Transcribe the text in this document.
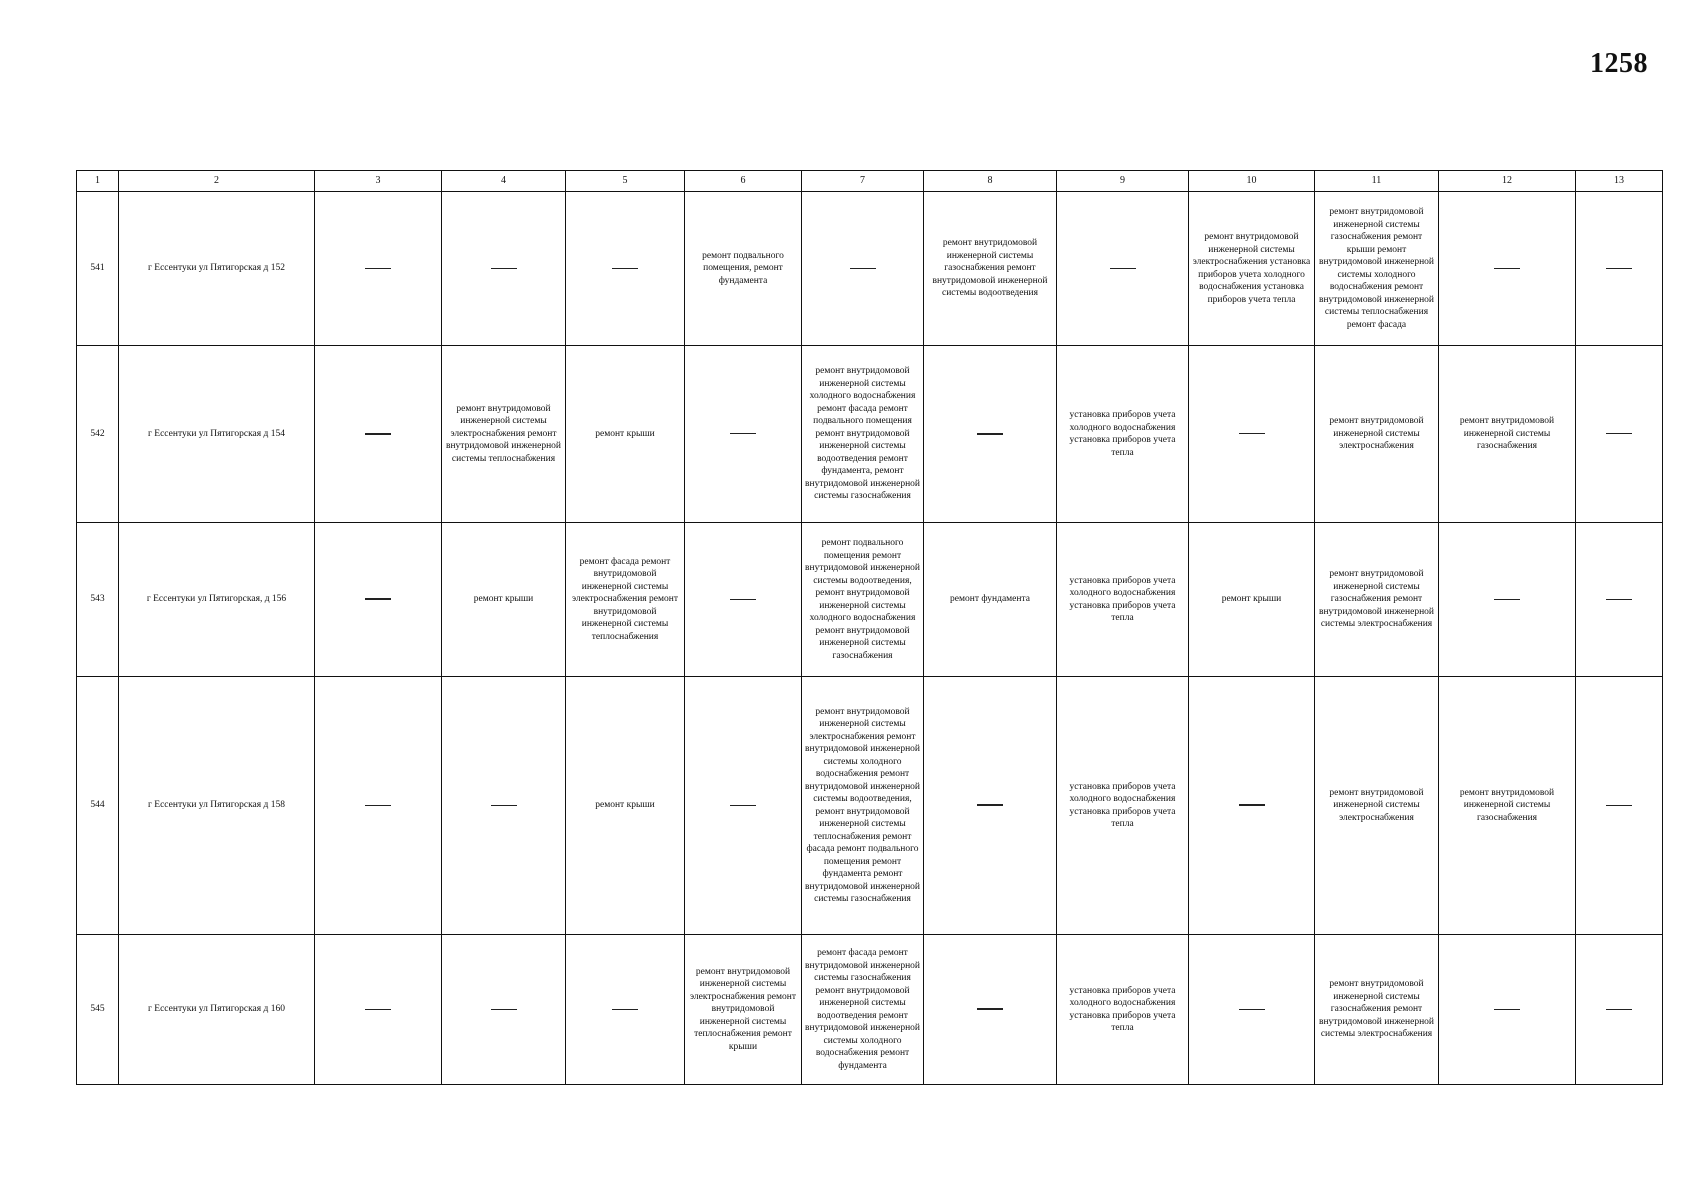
1258
1	2	3	4	5	6	7	8	9	10	11	12	13
541	г Ессентуки ул Пятигорская д 152				ремонт подвального помещения, ремонт фундамента		ремонт внутридомовой инженерной системы газоснабжения ремонт внутридомовой инженерной системы водоотведения		ремонт внутридомовой инженерной системы электроснабжения установка приборов учета холодного водоснабжения установка приборов учета тепла	ремонт внутридомовой инженерной системы газоснабжения ремонт крыши ремонт внутридомовой инженерной системы холодного водоснабжения ремонт внутридомовой инженерной системы теплоснабжения ремонт фасада		
542	г Ессентуки ул Пятигорская д 154		ремонт внутридомовой инженерной системы электроснабжения ремонт внутридомовой инженерной системы теплоснабжения	ремонт крыши		ремонт внутридомовой инженерной системы холодного водоснабжения ремонт фасада ремонт подвального помещения ремонт внутридомовой инженерной системы водоотведения ремонт фундамента, ремонт внутридомовой инженерной системы газоснабжения		установка приборов учета холодного водоснабжения установка приборов учета тепла		ремонт внутридомовой инженерной системы электроснабжения	ремонт внутридомовой инженерной системы газоснабжения	
543	г Ессентуки ул Пятигорская, д 156		ремонт крыши	ремонт фасада ремонт внутридомовой инженерной системы электроснабжения ремонт внутридомовой инженерной системы теплоснабжения		ремонт подвального помещения ремонт внутридомовой инженерной системы водоотведения, ремонт внутридомовой инженерной системы холодного водоснабжения ремонт внутридомовой инженерной системы газоснабжения	ремонт фундамента	установка приборов учета холодного водоснабжения установка приборов учета тепла	ремонт крыши	ремонт внутридомовой инженерной системы газоснабжения ремонт внутридомовой инженерной системы электроснабжения		
544	г Ессентуки ул Пятигорская д 158			ремонт крыши		ремонт внутридомовой инженерной системы электроснабжения ремонт внутридомовой инженерной системы холодного водоснабжения ремонт внутридомовой инженерной системы водоотведения, ремонт внутридомовой инженерной системы теплоснабжения ремонт фасада ремонт подвального помещения ремонт фундамента ремонт внутридомовой инженерной системы газоснабжения		установка приборов учета холодного водоснабжения установка приборов учета тепла		ремонт внутридомовой инженерной системы электроснабжения	ремонт внутридомовой инженерной системы газоснабжения	
545	г Ессентуки ул Пятигорская д 160				ремонт внутридомовой инженерной системы электроснабжения ремонт внутридомовой инженерной системы теплоснабжения ремонт крыши	ремонт фасада ремонт внутридомовой инженерной системы газоснабжения ремонт внутридомовой инженерной системы водоотведения ремонт внутридомовой инженерной системы холодного водоснабжения ремонт фундамента		установка приборов учета холодного водоснабжения установка приборов учета тепла		ремонт внутридомовой инженерной системы газоснабжения ремонт внутридомовой инженерной системы электроснабжения		
